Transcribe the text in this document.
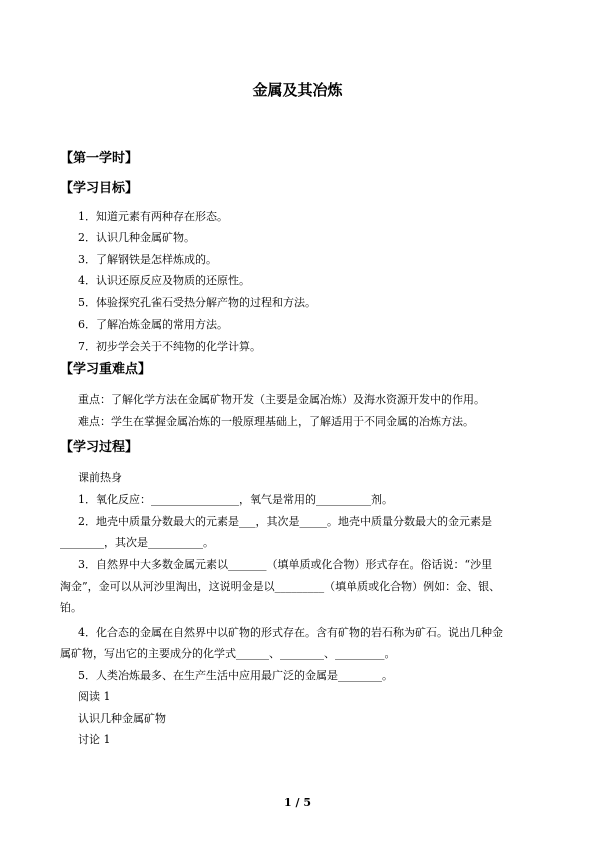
金属及其冶炼
【第一学时】
【学习目标】
1．知道元素有两种存在形态。
2．认识几种金属矿物。
3．了解钢铁是怎样炼成的。
4．认识还原反应及物质的还原性。
5．体验探究孔雀石受热分解产物的过程和方法。
6．了解冶炼金属的常用方法。
7．初步学会关于不纯物的化学计算。
【学习重难点】
重点：了解化学方法在金属矿物开发（主要是金属冶炼）及海水资源开发中的作用。
难点：学生在掌握金属冶炼的一般原理基础上，了解适用于不同金属的冶炼方法。
【学习过程】
课前热身
1．氧化反应：________________，氧气是常用的__________剂。
2．地壳中质量分数最大的元素是___，其次是_____。地壳中质量分数最大的金元素是
________，其次是__________。
3．自然界中大多数金属元素以_______（填单质或化合物）形式存在。俗话说：“沙里
淘金”，金可以从河沙里淘出，这说明金是以_________（填单质或化合物）例如：金、银、
铂。
4．化合态的金属在自然界中以矿物的形式存在。含有矿物的岩石称为矿石。说出几种金
属矿物，写出它的主要成分的化学式______、________、_________。
5．人类冶炼最多、在生产生活中应用最广泛的金属是________。
阅读 1
认识几种金属矿物
讨论 1
1 / 5
